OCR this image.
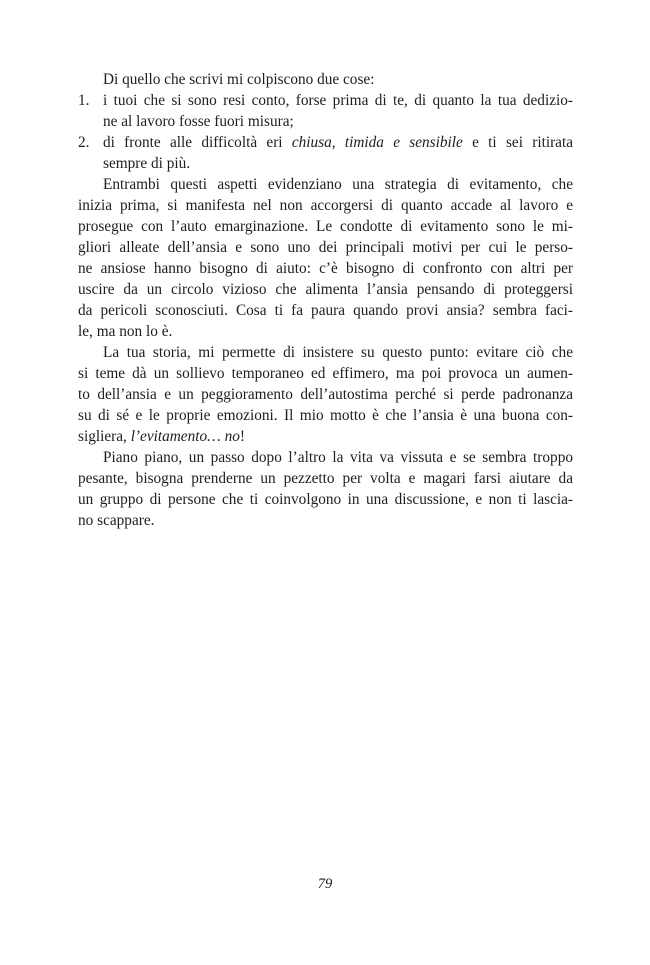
Di quello che scrivi mi colpiscono due cose:
1. i tuoi che si sono resi conto, forse prima di te, di quanto la tua dedizio-
ne al lavoro fosse fuori misura;
2. di fronte alle difficoltà eri chiusa, timida e sensibile e ti sei ritirata
sempre di più.
Entrambi questi aspetti evidenziano una strategia di evitamento, che
inizia prima, si manifesta nel non accorgersi di quanto accade al lavoro e
prosegue con l’auto emarginazione. Le condotte di evitamento sono le mi-
gliori alleate dell’ansia e sono uno dei principali motivi per cui le perso-
ne ansiose hanno bisogno di aiuto: c’è bisogno di confronto con altri per
uscire da un circolo vizioso che alimenta l’ansia pensando di proteggersi
da pericoli sconosciuti. Cosa ti fa paura quando provi ansia? sembra faci-
le, ma non lo è.
La tua storia, mi permette di insistere su questo punto: evitare ciò che
si teme dà un sollievo temporaneo ed effimero, ma poi provoca un aumen-
to dell’ansia e un peggioramento dell’autostima perché si perde padronanza
su di sé e le proprie emozioni. Il mio motto è che l’ansia è una buona con-
sigliera, l’evitamento… no!
Piano piano, un passo dopo l’altro la vita va vissuta e se sembra troppo
pesante, bisogna prenderne un pezzetto per volta e magari farsi aiutare da
un gruppo di persone che ti coinvolgono in una discussione, e non ti lascia-
no scappare.
79
